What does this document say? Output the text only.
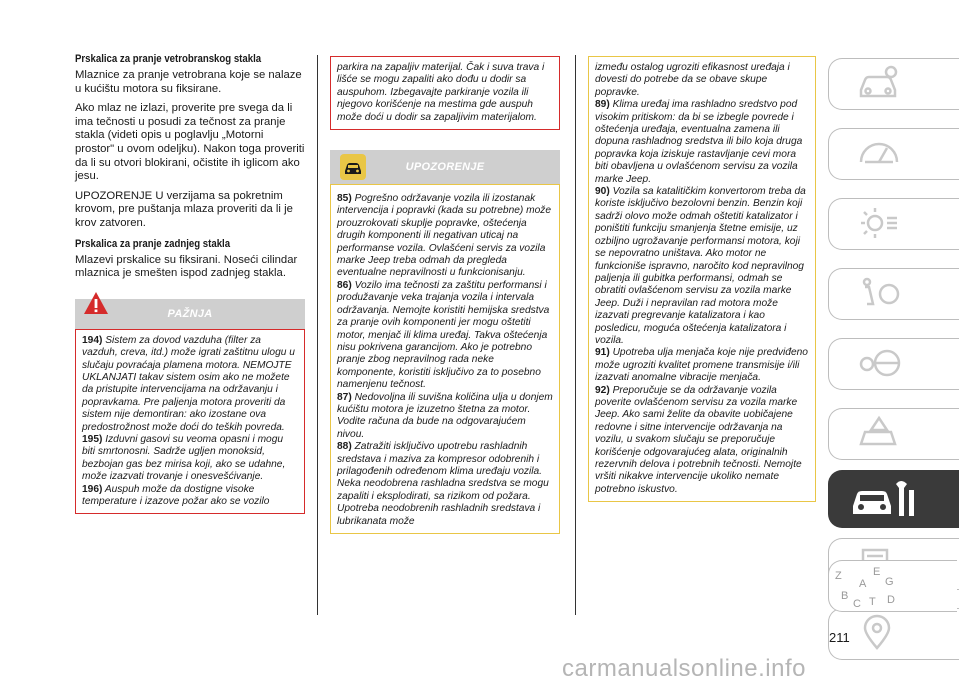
Prskalica za pranje vetrobranskog stakla

Mlaznice za pranje vetrobrana koje se nalaze u kućištu motora su fiksirane.

Ako mlaz ne izlazi, proverite pre svega da li ima tečnosti u posudi za tečnost za pranje stakla (videti opis u poglavlju „Motorni prostor" u ovom odeljku). Nakon toga proveriti da li su otvori blokirani, očistite ih iglicom ako jesu.

UPOZORENJE U verzijama sa pokretnim krovom, pre puštanja mlaza proveriti da li je krov zatvoren.

Prskalica za pranje zadnjeg stakla

Mlazevi prskalice su fiksirani. Noseći cilindar mlaznica je smešten ispod zadnjeg stakla.

PAŽNJA

194) Sistem za dovod vazduha (filter za vazduh, creva, itd.) može igrati zaštitnu ulogu u slučaju povraćaja plamena motora. NEMOJTE UKLANJATI takav sistem osim ako ne možete da pristupite intervencijama na održavanju i popravkama. Pre paljenja motora proveriti da sistem nije demontiran: ako izostane ova predostrožnost može doći do teških povreda.

195) Izduvni gasovi su veoma opasni i mogu biti smrtonosni. Sadrže ugljen monoksid, bezbojan gas bez mirisa koji, ako se udahne, može izazvati trovanje i onesvešćivanje.

196) Auspuh može da dostigne visoke temperature i izazove požar ako se vozilo

parkira na zapaljiv materijal. Čak i suva trava i lišće se mogu zapaliti ako dođu u dodir sa auspuhom. Izbegavajte parkiranje vozila ili njegovo korišćenje na mestima gde auspuh može doći u dodir sa zapaljivim materijalom.

UPOZORENJE

85) Pogrešno održavanje vozila ili izostanak intervencija i popravki (kada su potrebne) može prouzrokovati skuplje popravke, oštećenja drugih komponenti ili negativan uticaj na performanse vozila. Ovlašćeni servis za vozila marke Jeep treba odmah da pregleda eventualne nepravilnosti u funkcionisanju.

86) Vozilo ima tečnosti za zaštitu performansi i produžavanje veka trajanja vozila i intervala održavanja. Nemojte koristiti hemijska sredstva za pranje ovih komponenti jer mogu oštetiti motor, menjač ili klima uređaj. Takva oštećenja nisu pokrivena garancijom. Ako je potrebno pranje zbog nepravilnog rada neke komponente, koristiti isključivo za to posebno namenjenu tečnost.

87) Nedovoljna ili suvišna količina ulja u donjem kućištu motora je izuzetno štetna za motor. Vodite računa da bude na odgovarajućem nivou.

88) Zatražiti isključivo upotrebu rashladnih sredstava i maziva za kompresor odobrenih i prilagođenih određenom klima uređaju vozila. Neka neodobrena rashladna sredstva se mogu zapaliti i eksplodirati, sa rizikom od požara. Upotreba neodobrenih rashladnih sredstava i lubrikanata može

između ostalog ugroziti efikasnost uređaja i dovesti do potrebe da se obave skupe popravke.

89) Klima uređaj ima rashladno sredstvo pod visokim pritiskom: da bi se izbegle povrede i oštećenja uređaja, eventualna zamena ili dopuna rashladnog sredstva ili bilo koja druga popravka koja iziskuje rastavljanje cevi mora biti obavljena u ovlašćenom servisu za vozila marke Jeep.

90) Vozila sa katalitičkim konvertorom treba da koriste isključivo bezolovni benzin. Benzin koji sadrži olovo može odmah oštetiti katalizator i poništiti funkciju smanjenja štetne emisije, uz ozbiljno ugrožavanje performansi motora, koji se nepovratno uništava. Ako motor ne funkcioniše ispravno, naročito kod nepravilnog paljenja ili gubitka performansi, odmah se obratiti ovlašćenom servisu za vozila marke Jeep. Duži i nepravilan rad motora može izazvati pregrevanje katalizatora i kao posledicu, moguća oštećenja katalizatora i vozila.

91) Upotreba ulja menjača koje nije predviđeno može ugroziti kvalitet promene transmisije i/ili izazvati anomalne vibracije menjača.

92) Preporučuje se da održavanje vozila poverite ovlašćenom servisu za vozila marke Jeep. Ako sami želite da obavite uobičajene redovne i sitne intervencije održavanja na vozilu, u svakom slučaju se preporučuje korišćenje odgovarajućeg alata, originalnih rezervnih delova i potrebnih tečnosti. Nemojte vršiti nikakve intervencije ukoliko nemate potrebno iskustvo.

Z	E
B
C
A
T
G
D
211
carmanualsonline.info
